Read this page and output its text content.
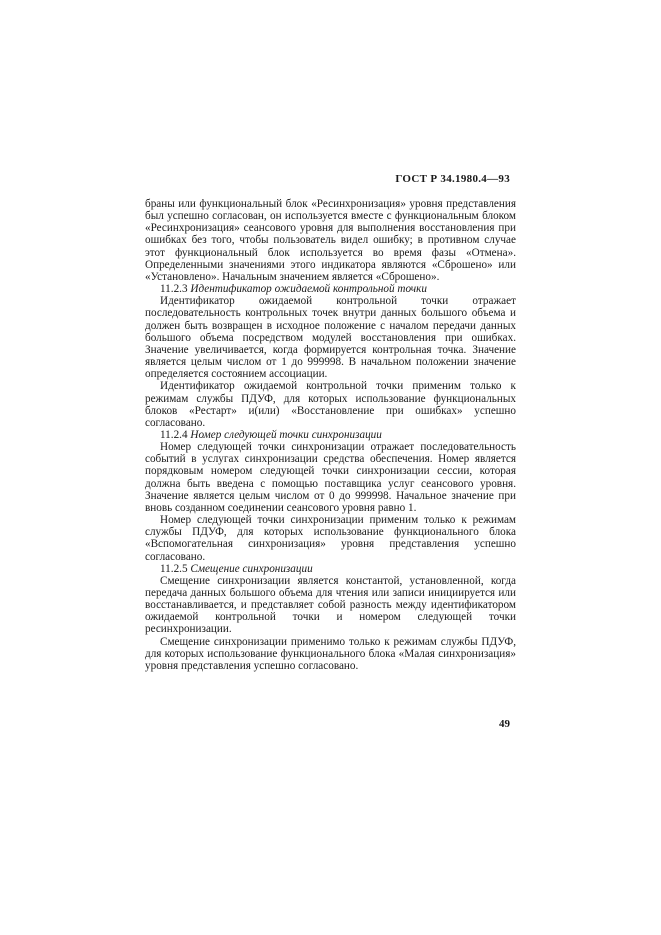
ГОСТ Р 34.1980.4—93

браны или функциональный блок «Ресинхронизация» уровня представления был успешно согласован, он используется вместе с функциональным блоком «Ресинхронизация» сеансового уровня для выполнения восстановления при ошибках без того, чтобы пользователь видел ошибку; в противном случае этот функциональный блок используется во время фазы «Отмена». Определенными значениями этого индикатора являются «Сброшено» или «Установлено». Начальным значением является «Сброшено».

11.2.3 Идентификатор ожидаемой контрольной точки

Идентификатор ожидаемой контрольной точки отражает последовательность контрольных точек внутри данных большого объема и должен быть возвращен в исходное положение с началом передачи данных большого объема посредством модулей восстановления при ошибках. Значение увеличивается, когда формируется контрольная точка. Значение является целым числом от 1 до 999998. В начальном положении значение определяется состоянием ассоциации.

Идентификатор ожидаемой контрольной точки применим только к режимам службы ПДУФ, для которых использование функциональных блоков «Рестарт» и(или) «Восстановление при ошибках» успешно согласовано.

11.2.4 Номер следующей точки синхронизации

Номер следующей точки синхронизации отражает последовательность событий в услугах синхронизации средства обеспечения. Номер является порядковым номером следующей точки синхронизации сессии, которая должна быть введена с помощью поставщика услуг сеансового уровня. Значение является целым числом от 0 до 999998. Начальное значение при вновь созданном соединении сеансового уровня равно 1.

Номер следующей точки синхронизации применим только к режимам службы ПДУФ, для которых использование функционального блока «Вспомогательная синхронизация» уровня представления успешно согласовано.

11.2.5 Смещение синхронизации

Смещение синхронизации является константой, установленной, когда передача данных большого объема для чтения или записи инициируется или восстанавливается, и представляет собой разность между идентификатором ожидаемой контрольной точки и номером следующей точки ресинхронизации.

Смещение синхронизации применимо только к режимам службы ПДУФ, для которых использование функционального блока «Малая синхронизация» уровня представления успешно согласовано.

49
